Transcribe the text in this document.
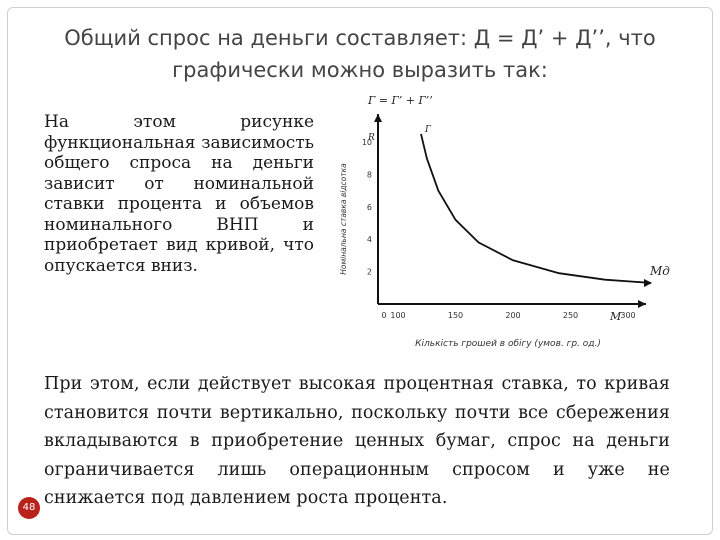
Общий спрос на деньги составляет: Д = Д’ + Д’’, что
графически можно выразить так:
На этом рисунке функциональная зависимость общего спроса на деньги зависит от номинальной ставки процента и объемов номинального ВНП и приобретает вид кривой, что опускается вниз.
Г = Г’ + Г’’
R
M
2
4
6
8
10
0 100	150	200	250	300
Номінальна ставка відсотка
Кількість грошей в обігу (умов. гр. од.)
Г
Mд
При этом, если действует высокая процентная ставка, то кривая становится почти вертикально, поскольку почти все сбережения вкладываются в приобретение ценных бумаг, спрос на деньги ограничивается лишь операционным спросом и уже не снижается под давлением роста процента.
48
